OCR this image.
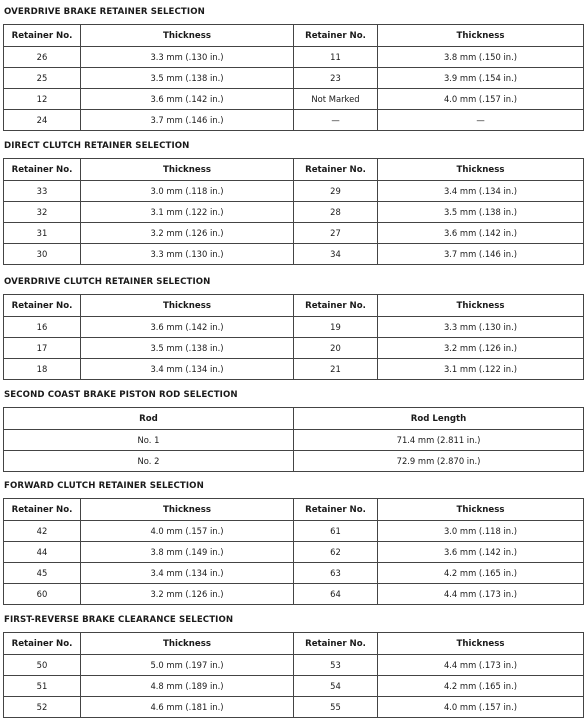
OVERDRIVE BRAKE RETAINER SELECTION
Retainer No.	Thickness	Retainer No.	Thickness
26	3.3 mm (.130 in.)	11	3.8 mm (.150 in.)
25	3.5 mm (.138 in.)	23	3.9 mm (.154 in.)
12	3.6 mm (.142 in.)	Not Marked	4.0 mm (.157 in.)
24	3.7 mm (.146 in.)	—	—
DIRECT CLUTCH RETAINER SELECTION
Retainer No.	Thickness	Retainer No.	Thickness
33	3.0 mm (.118 in.)	29	3.4 mm (.134 in.)
32	3.1 mm (.122 in.)	28	3.5 mm (.138 in.)
31	3.2 mm (.126 in.)	27	3.6 mm (.142 in.)
30	3.3 mm (.130 in.)	34	3.7 mm (.146 in.)
OVERDRIVE CLUTCH RETAINER SELECTION
Retainer No.	Thickness	Retainer No.	Thickness
16	3.6 mm (.142 in.)	19	3.3 mm (.130 in.)
17	3.5 mm (.138 in.)	20	3.2 mm (.126 in.)
18	3.4 mm (.134 in.)	21	3.1 mm (.122 in.)
SECOND COAST BRAKE PISTON ROD SELECTION
Rod	Rod Length
No. 1	71.4 mm (2.811 in.)
No. 2	72.9 mm (2.870 in.)
FORWARD CLUTCH RETAINER SELECTION
Retainer No.	Thickness	Retainer No.	Thickness
42	4.0 mm (.157 in.)	61	3.0 mm (.118 in.)
44	3.8 mm (.149 in.)	62	3.6 mm (.142 in.)
45	3.4 mm (.134 in.)	63	4.2 mm (.165 in.)
60	3.2 mm (.126 in.)	64	4.4 mm (.173 in.)
FIRST-REVERSE BRAKE CLEARANCE SELECTION
Retainer No.	Thickness	Retainer No.	Thickness
50	5.0 mm (.197 in.)	53	4.4 mm (.173 in.)
51	4.8 mm (.189 in.)	54	4.2 mm (.165 in.)
52	4.6 mm (.181 in.)	55	4.0 mm (.157 in.)
